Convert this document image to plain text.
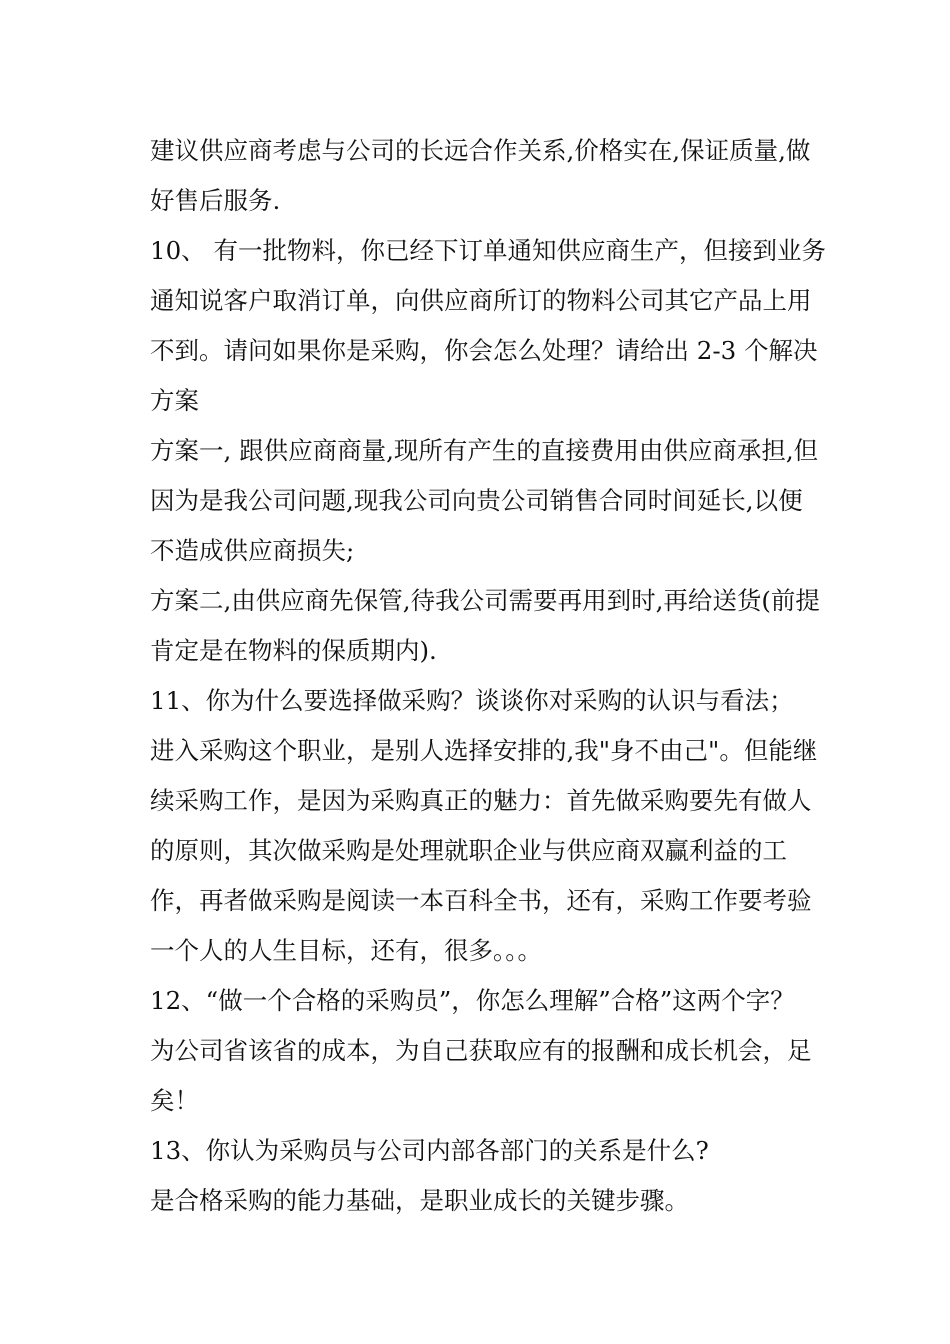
建议供应商考虑与公司的长远合作关系,价格实在,保证质量,做
好售后服务.
10、 有一批物料，你已经下订单通知供应商生产，但接到业务
通知说客户取消订单，向供应商所订的物料公司其它产品上用
不到。请问如果你是采购，你会怎么处理？请给出 2-3 个解决
方案
方案一, 跟供应商商量,现所有产生的直接费用由供应商承担,但
因为是我公司问题,现我公司向贵公司销售合同时间延长,以便
不造成供应商损失;
方案二,由供应商先保管,待我公司需要再用到时,再给送货(前提
肯定是在物料的保质期内).
11、你为什么要选择做采购？谈谈你对采购的认识与看法；
进入采购这个职业，是别人选择安排的,我"身不由己"。但能继
续采购工作，是因为采购真正的魅力：首先做采购要先有做人
的原则，其次做采购是处理就职企业与供应商双赢利益的工
作，再者做采购是阅读一本百科全书，还有，采购工作要考验
一个人的人生目标，还有，很多。。。
12、“做一个合格的采购员”，你怎么理解”合格”这两个字？
为公司省该省的成本，为自己获取应有的报酬和成长机会，足
矣！
13、你认为采购员与公司内部各部门的关系是什么?
是合格采购的能力基础，是职业成长的关键步骤。
